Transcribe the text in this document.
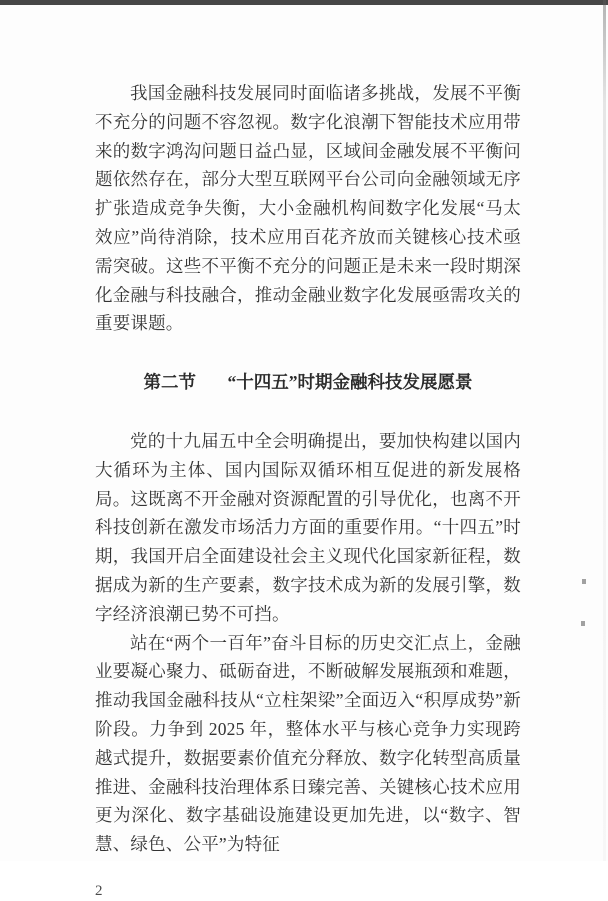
我国金融科技发展同时面临诸多挑战，发展不平衡不充分的问题不容忽视。数字化浪潮下智能技术应用带来的数字鸿沟问题日益凸显，区域间金融发展不平衡问题依然存在，部分大型互联网平台公司向金融领域无序扩张造成竞争失衡，大小金融机构间数字化发展“马太效应”尚待消除，技术应用百花齐放而关键核心技术亟需突破。这些不平衡不充分的问题正是未来一段时期深化金融与科技融合，推动金融业数字化发展亟需攻关的重要课题。

第二节 “十四五”时期金融科技发展愿景

党的十九届五中全会明确提出，要加快构建以国内大循环为主体、国内国际双循环相互促进的新发展格局。这既离不开金融对资源配置的引导优化，也离不开科技创新在激发市场活力方面的重要作用。“十四五”时期，我国开启全面建设社会主义现代化国家新征程，数据成为新的生产要素，数字技术成为新的发展引擎，数字经济浪潮已势不可挡。

站在“两个一百年”奋斗目标的历史交汇点上，金融业要凝心聚力、砥砺奋进，不断破解发展瓶颈和难题，推动我国金融科技从“立柱架梁”全面迈入“积厚成势”新阶段。力争到 2025 年，整体水平与核心竞争力实现跨越式提升，数据要素价值充分释放、数字化转型高质量推进、金融科技治理体系日臻完善、关键核心技术应用更为深化、数字基础设施建设更加先进，以“数字、智慧、绿色、公平”为特征

2
